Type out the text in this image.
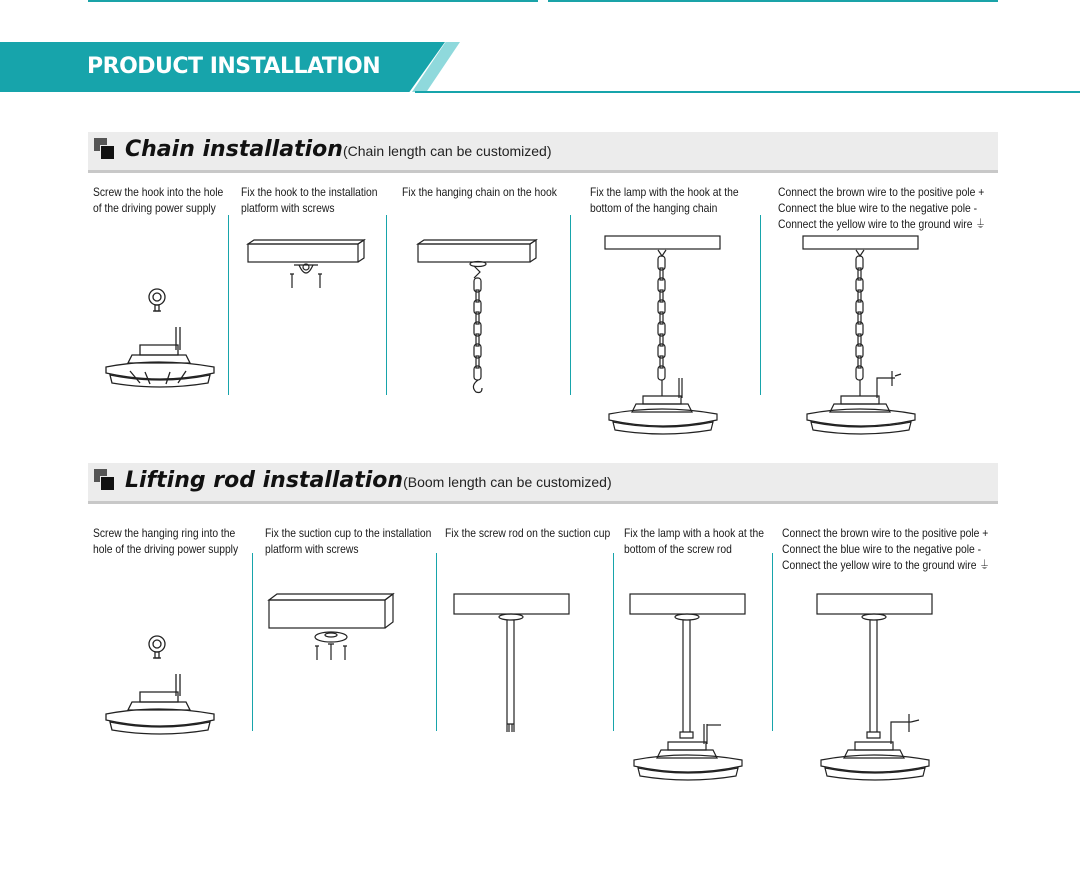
PRODUCT INSTALLATION
Chain installation(Chain length can be customized)
Screw the hook into the hole
of the driving power supply
Fix the hook to the installation
platform with screws
Fix the hanging chain on the hook	Fix the lamp with the hook at the
bottom of the hanging chain
Connect the brown wire to the positive pole +
Connect the blue wire to the negative pole -
Connect the yellow wire to the ground wire ⏚
Lifting rod installation(Boom length can be customized)
Screw the hanging ring into the
hole of the driving power supply
Fix the suction cup to the installation
platform with screws
Fix the screw rod on the suction cup Fix the lamp with a hook at the
bottom of the screw rod
Connect the brown wire to the positive pole +
Connect the blue wire to the negative pole -
Connect the yellow wire to the ground wire ⏚
